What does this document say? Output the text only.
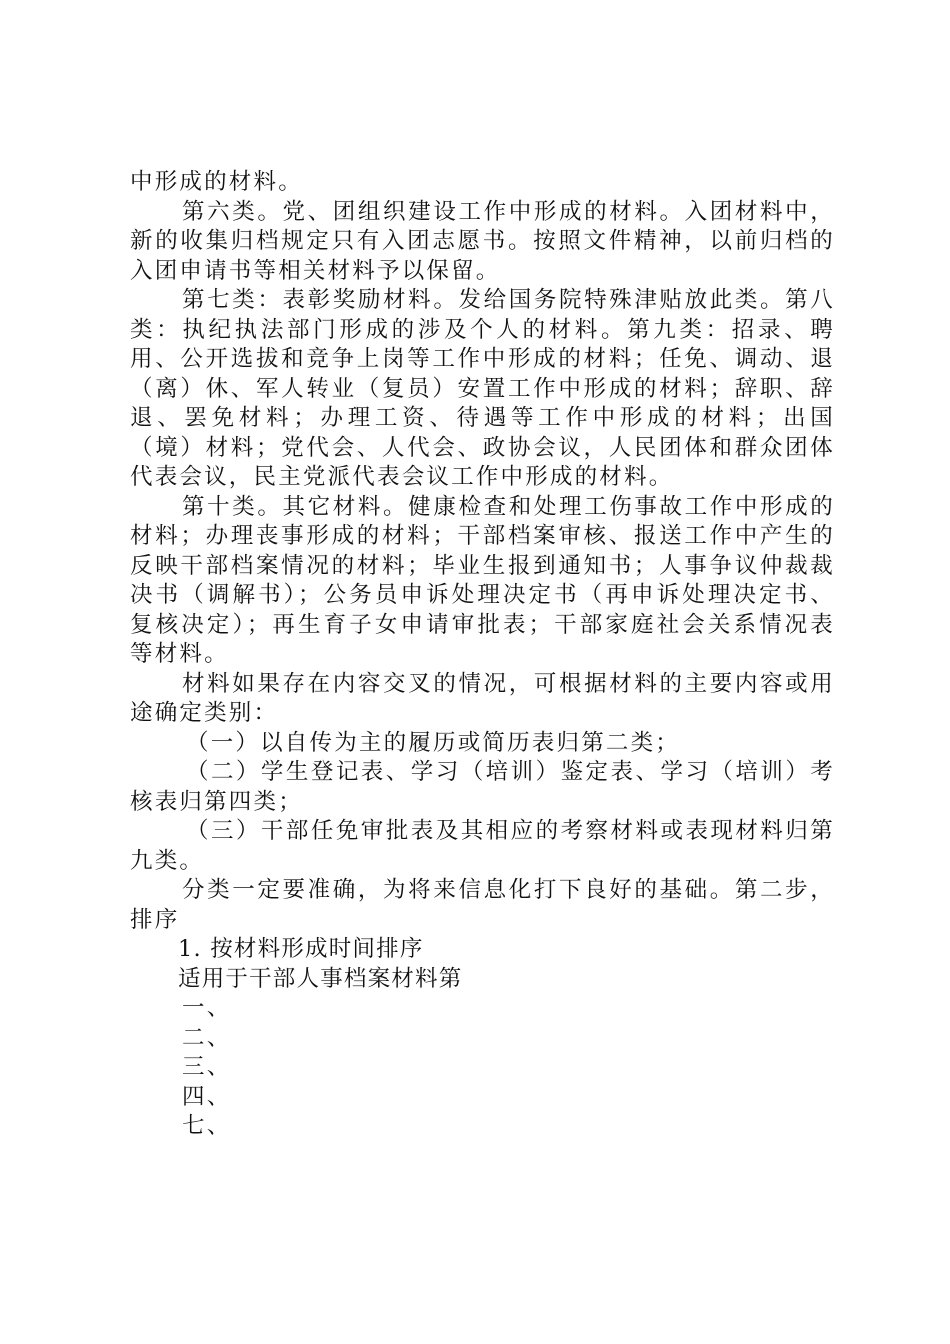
中形成的材料。

第六类。党、团组织建设工作中形成的材料。入团材料中，新的收集归档规定只有入团志愿书。按照文件精神，以前归档的入团申请书等相关材料予以保留。

第七类：表彰奖励材料。发给国务院特殊津贴放此类。第八类：执纪执法部门形成的涉及个人的材料。第九类：招录、聘用、公开选拔和竞争上岗等工作中形成的材料；任免、调动、退（离）休、军人转业（复员）安置工作中形成的材料；辞职、辞退、罢免材料；办理工资、待遇等工作中形成的材料；出国（境）材料；党代会、人代会、政协会议，人民团体和群众团体代表会议，民主党派代表会议工作中形成的材料。

第十类。其它材料。健康检查和处理工伤事故工作中形成的材料；办理丧事形成的材料；干部档案审核、报送工作中产生的反映干部档案情况的材料；毕业生报到通知书；人事争议仲裁裁决书（调解书）；公务员申诉处理决定书（再申诉处理决定书、复核决定）；再生育子女申请审批表；干部家庭社会关系情况表等材料。

材料如果存在内容交叉的情况，可根据材料的主要内容或用途确定类别：

（一）以自传为主的履历或简历表归第二类；

（二）学生登记表、学习（培训）鉴定表、学习（培训）考核表归第四类；

（三）干部任免审批表及其相应的考察材料或表现材料归第九类。

分类一定要准确，为将来信息化打下良好的基础。第二步，排序

1. 按材料形成时间排序

适用于干部人事档案材料第

一、

二、

三、

四、

七、
